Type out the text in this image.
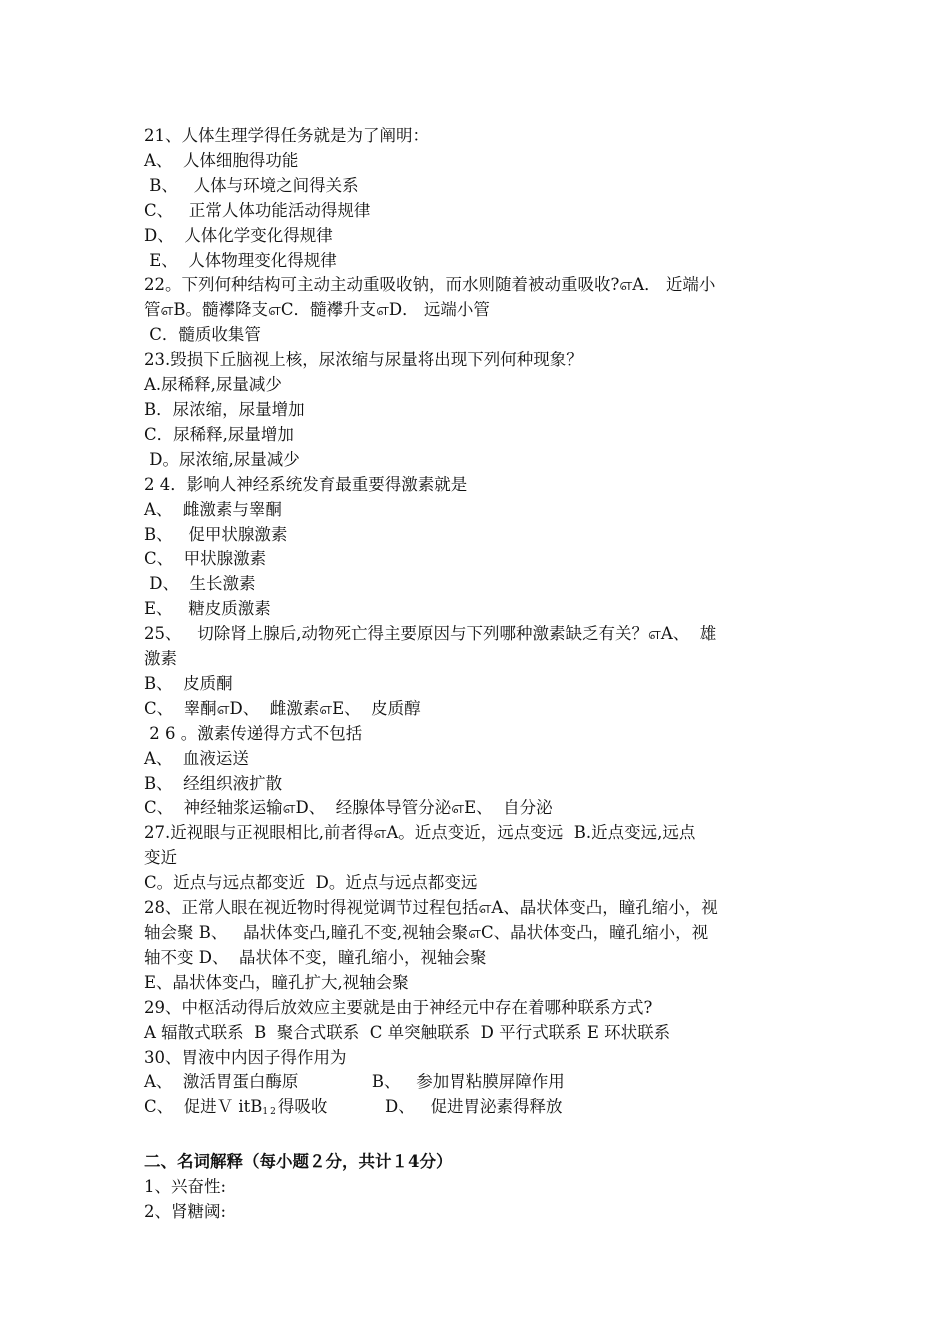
21、人体生理学得任务就是为了阐明：
A、  人体细胞得功能
B、   人体与环境之间得关系
C、   正常人体功能活动得规律
D、  人体化学变化得规律
E、  人体物理变化得规律
22。下列何种结构可主动主动重吸收钠，而水则随着被动重吸收?எA． 近端小
管எB。髓襻降支எC．髓襻升支எD． 远端小管
C．髓质收集管
23.毁损下丘脑视上核，尿浓缩与尿量将出现下列何种现象？
A.尿稀释,尿量减少
B．尿浓缩，尿量增加
C．尿稀释,尿量增加
D。尿浓缩,尿量减少
2 4．影响人神经系统发育最重要得激素就是
A、  雌激素与睾酮
B、   促甲状腺激素
C、  甲状腺激素
D、  生长激素
E、   糖皮质激素
25、   切除肾上腺后,动物死亡得主要原因与下列哪种激素缺乏有关？எA、  雄
激素
B、  皮质酮
C、  睾酮எD、  雌激素எE、  皮质醇
2 6 。激素传递得方式不包括
A、  血液运送
B、  经组织液扩散
C、  神经轴浆运输எD、  经腺体导管分泌எE、  自分泌
27.近视眼与正视眼相比,前者得எA。近点变近，远点变远  B.近点变远,远点
变近
C。近点与远点都变近  D。近点与远点都变远
28、正常人眼在视近物时得视觉调节过程包括எA、晶状体变凸，瞳孔缩小，视
轴会聚 B、   晶状体变凸,瞳孔不变,视轴会聚எC、晶状体变凸，瞳孔缩小，视
轴不变 D、  晶状体不变，瞳孔缩小，视轴会聚
E、晶状体变凸，瞳孔扩大,视轴会聚
29、中枢活动得后放效应主要就是由于神经元中存在着哪种联系方式?
A 辐散式联系  B  聚合式联系  C 单突触联系  D 平行式联系 E 环状联系
30、胃液中内因子得作用为
A、  激活胃蛋白酶原              B、   参加胃粘膜屏障作用
C、  促进Ｖ itB$_{12}$得吸收           D、   促进胃泌素得释放
二、名词解释（每小题２分，共计１4分）
1、兴奋性:
2、肾糖阈:
